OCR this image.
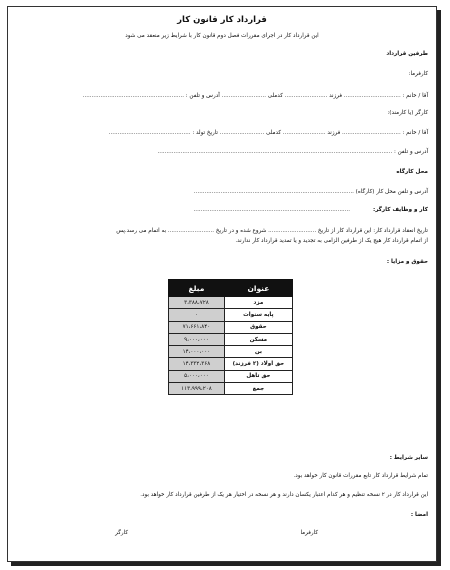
قرارداد کار قانون کار
این قرارداد کار در اجرای مقررات فصل دوم قانون کار با شرایط زیر منعقد می شود
طرفین قرارداد
کارفرما:
آقا / خانم : ................................ فرزند ........................ کدملی ......................... آدرس و تلفن : .........................................................
کارگر (یا کارمند):
آقا / خانم : ................................. فرزند ........................ کدملی ......................... تاریخ تولد : ..............................................
آدرس و تلفن : ....................................................................................................................................
محل کارگاه
آدرس و تلفن محل کار (کارگاه) ..........................................................................................
کار و وظایف کارگر:
........................................................................................
تاریخ انعقاد قرارداد کار: این قرارداد کار از تاریخ ........................... شروع شده و در تاریخ .......................... به اتمام می رسد.پس
از اتمام قرارداد کار هیچ یک از طرفین الزامی به تجدید و یا تمدید قرارداد کار ندارند.
حقوق و مزایا :
عنوان	مبلغ
مزد	۳،۳۸۸،۷۲۸
پایه سنوات	۰
حقوق	۷۱،۶۶۱،۸۴۰
مسکن	۹،۰۰۰،۰۰۰
بن	۱۴،۰۰۰،۰۰۰
حق اولاد (۲ فرزند)	۱۴،۳۳۲،۳۶۸
حق تاهل	۵،۰۰۰،۰۰۰
جمع	۱۱۳،۹۹۹،۲۰۸
سایر شرایط :
تمام شرایط قرارداد کار تابع مقررات قانون کار خواهد بود.
این قرارداد کار در ۲ نسخه تنظیم و هر کدام اعتبار یکسان دارند و هر نسخه در اختیار هر یک از طرفین قرارداد کار خواهد بود.
امضا :
کارفرما
کارگر
